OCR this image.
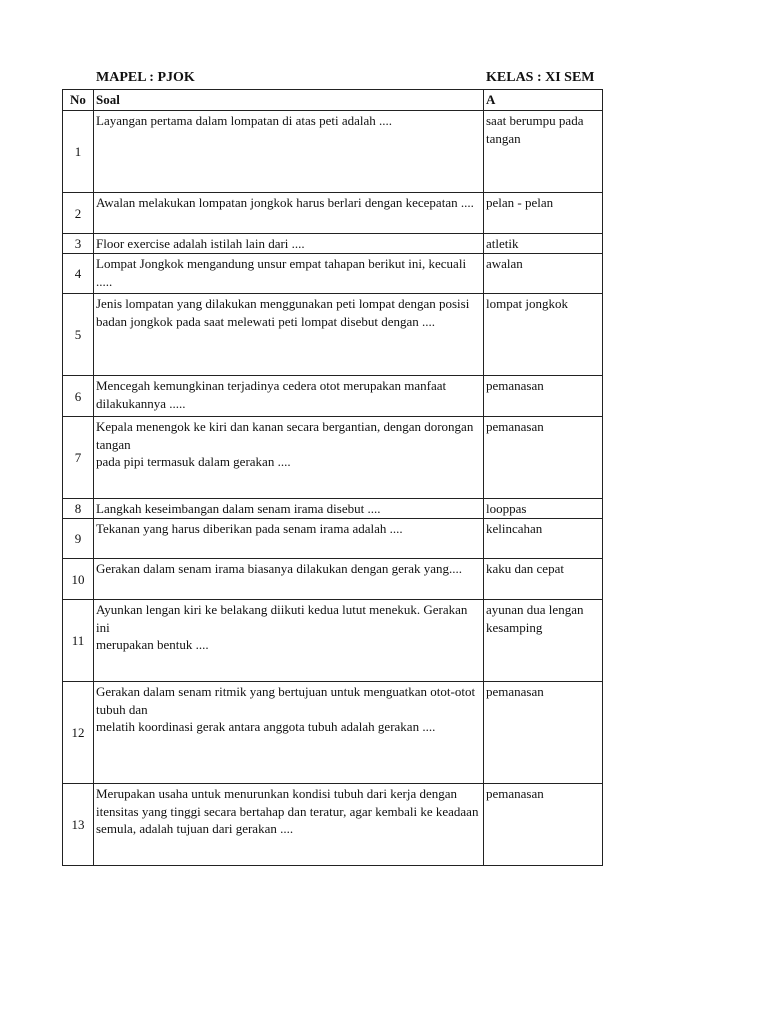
MAPEL : PJOK	KELAS : XI SEM
No	Soal	A
1	Layangan pertama dalam lompatan di atas peti adalah ....	saat berumpu pada tangan
2	Awalan melakukan lompatan jongkok harus berlari dengan kecepatan ....	pelan - pelan
3	Floor exercise adalah istilah lain dari ....	atletik
4	Lompat Jongkok mengandung unsur empat tahapan berikut ini, kecuali .....	awalan
5	Jenis lompatan yang dilakukan menggunakan peti lompat dengan posisi badan jongkok pada saat melewati peti lompat disebut dengan ....	lompat jongkok
6	Mencegah kemungkinan terjadinya cedera otot merupakan manfaat dilakukannya .....	pemanasan
7	Kepala menengok ke kiri dan kanan secara bergantian, dengan dorongan tangan
pada pipi termasuk dalam gerakan ....	pemanasan
8	Langkah keseimbangan dalam senam irama disebut ....	looppas
9	Tekanan yang harus diberikan pada senam irama adalah ....	kelincahan
10	Gerakan dalam senam irama biasanya dilakukan dengan gerak yang....	kaku dan cepat
11	Ayunkan lengan kiri ke belakang diikuti kedua lutut menekuk. Gerakan ini
merupakan bentuk ....	ayunan dua lengan kesamping
12	Gerakan dalam senam ritmik yang bertujuan untuk menguatkan otot-otot tubuh dan
melatih koordinasi gerak antara anggota tubuh adalah gerakan ....	pemanasan
13	Merupakan usaha untuk menurunkan kondisi tubuh dari kerja dengan itensitas yang tinggi secara bertahap dan teratur, agar kembali ke keadaan semula, adalah tujuan dari gerakan ....	pemanasan
